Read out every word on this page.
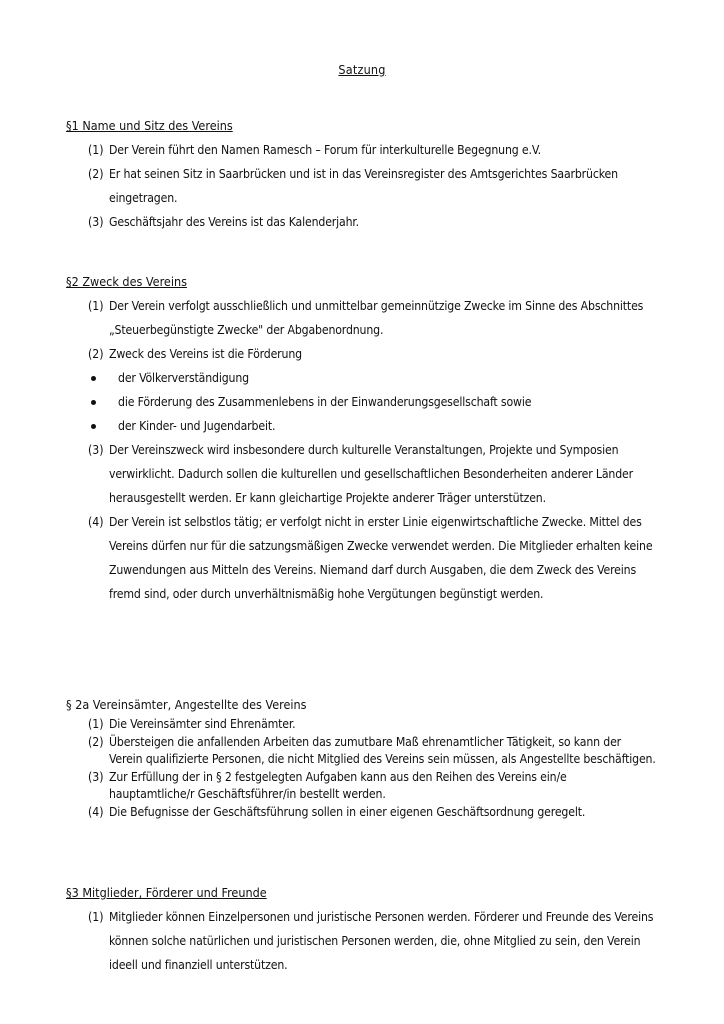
Satzung

§1 Name und Sitz des Vereins

(1) Der Verein führt den Namen Ramesch – Forum für interkulturelle Begegnung e.V.
(2) Er hat seinen Sitz in Saarbrücken und ist in das Vereinsregister des Amtsgerichtes Saarbrücken eingetragen.
(3) Geschäftsjahr des Vereins ist das Kalenderjahr.

§2 Zweck des Vereins

(1) Der Verein verfolgt ausschließlich und unmittelbar gemeinnützige Zwecke im Sinne des Abschnittes „Steuerbegünstigte Zwecke" der Abgabenordnung.
(2) Zweck des Vereins ist die Förderung
der Völkerverständigung
die Förderung des Zusammenlebens in der Einwanderungsgesellschaft sowie
der Kinder- und Jugendarbeit.
(3) Der Vereinszweck wird insbesondere durch kulturelle Veranstaltungen, Projekte und Symposien verwirklicht. Dadurch sollen die kulturellen und gesellschaftlichen Besonderheiten anderer Länder herausgestellt werden. Er kann gleichartige Projekte anderer Träger unterstützen.
(4) Der Verein ist selbstlos tätig; er verfolgt nicht in erster Linie eigenwirtschaftliche Zwecke. Mittel des Vereins dürfen nur für die satzungsmäßigen Zwecke verwendet werden. Die Mitglieder erhalten keine Zuwendungen aus Mitteln des Vereins. Niemand darf durch Ausgaben, die dem Zweck des Vereins fremd sind, oder durch unverhältnismäßig hohe Vergütungen begünstigt werden.

§ 2a Vereinsämter, Angestellte des Vereins

(1) Die Vereinsämter sind Ehrenämter.
(2) Übersteigen die anfallenden Arbeiten das zumutbare Maß ehrenamtlicher Tätigkeit, so kann der Verein qualifizierte Personen, die nicht Mitglied des Vereins sein müssen, als Angestellte beschäftigen.
(3) Zur Erfüllung der in § 2 festgelegten Aufgaben kann aus den Reihen des Vereins ein/e hauptamtliche/r Geschäftsführer/in bestellt werden.
(4) Die Befugnisse der Geschäftsführung sollen in einer eigenen Geschäftsordnung geregelt.

§3 Mitglieder, Förderer und Freunde

(1) Mitglieder können Einzelpersonen und juristische Personen werden. Förderer und Freunde des Vereins können solche natürlichen und juristischen Personen werden, die, ohne Mitglied zu sein, den Verein ideell und finanziell unterstützen.
